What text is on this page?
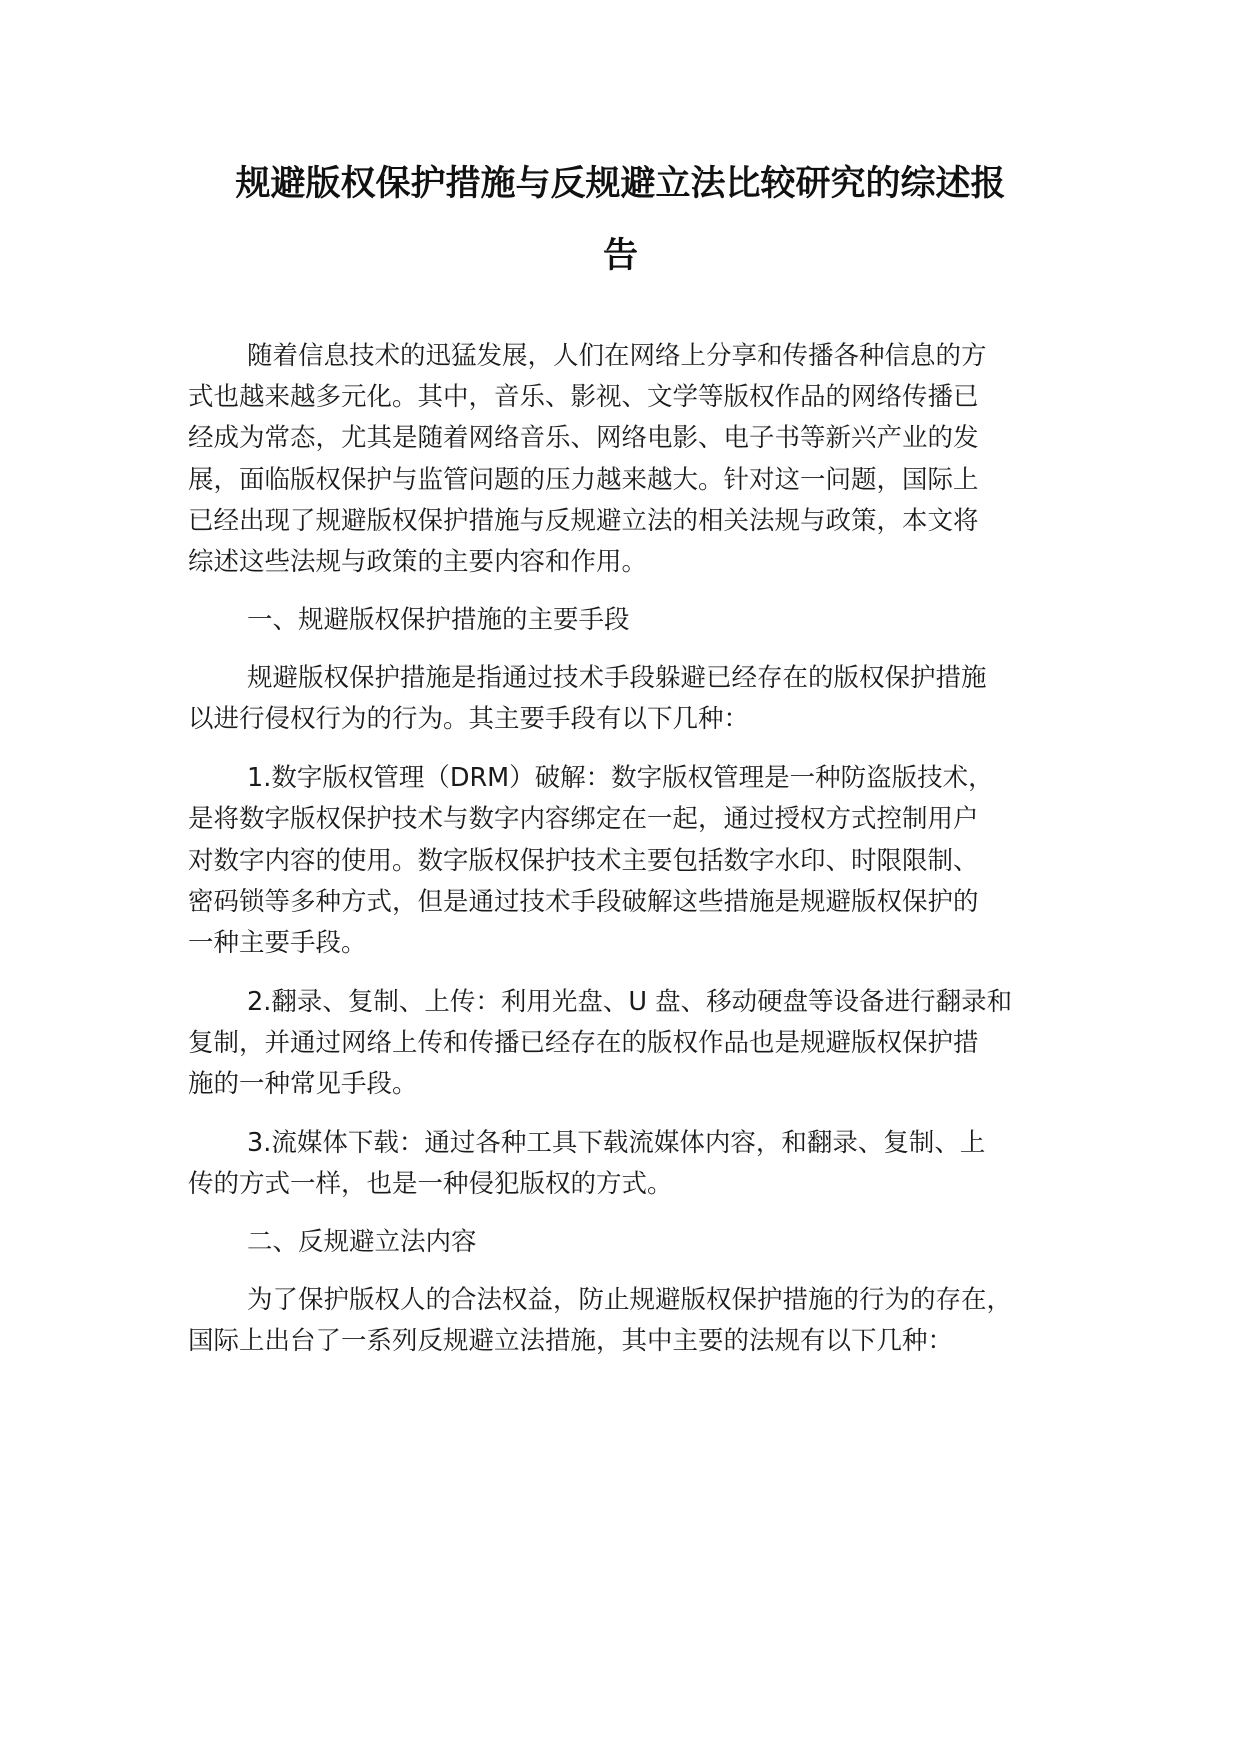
规避版权保护措施与反规避立法比较研究的综述报
告
随着信息技术的迅猛发展，人们在网络上分享和传播各种信息的方
式也越来越多元化。其中，音乐、影视、文学等版权作品的网络传播已
经成为常态，尤其是随着网络音乐、网络电影、电子书等新兴产业的发
展，面临版权保护与监管问题的压力越来越大。针对这一问题，国际上
已经出现了规避版权保护措施与反规避立法的相关法规与政策，本文将
综述这些法规与政策的主要内容和作用。
一、规避版权保护措施的主要手段
规避版权保护措施是指通过技术手段躲避已经存在的版权保护措施
以进行侵权行为的行为。其主要手段有以下几种：
1.数字版权管理（DRM）破解：数字版权管理是一种防盗版技术，
是将数字版权保护技术与数字内容绑定在一起，通过授权方式控制用户
对数字内容的使用。数字版权保护技术主要包括数字水印、时限限制、
密码锁等多种方式，但是通过技术手段破解这些措施是规避版权保护的
一种主要手段。
2.翻录、复制、上传：利用光盘、U 盘、移动硬盘等设备进行翻录和
复制，并通过网络上传和传播已经存在的版权作品也是规避版权保护措
施的一种常见手段。
3.流媒体下载：通过各种工具下载流媒体内容，和翻录、复制、上
传的方式一样，也是一种侵犯版权的方式。
二、反规避立法内容
为了保护版权人的合法权益，防止规避版权保护措施的行为的存在，
国际上出台了一系列反规避立法措施，其中主要的法规有以下几种：
